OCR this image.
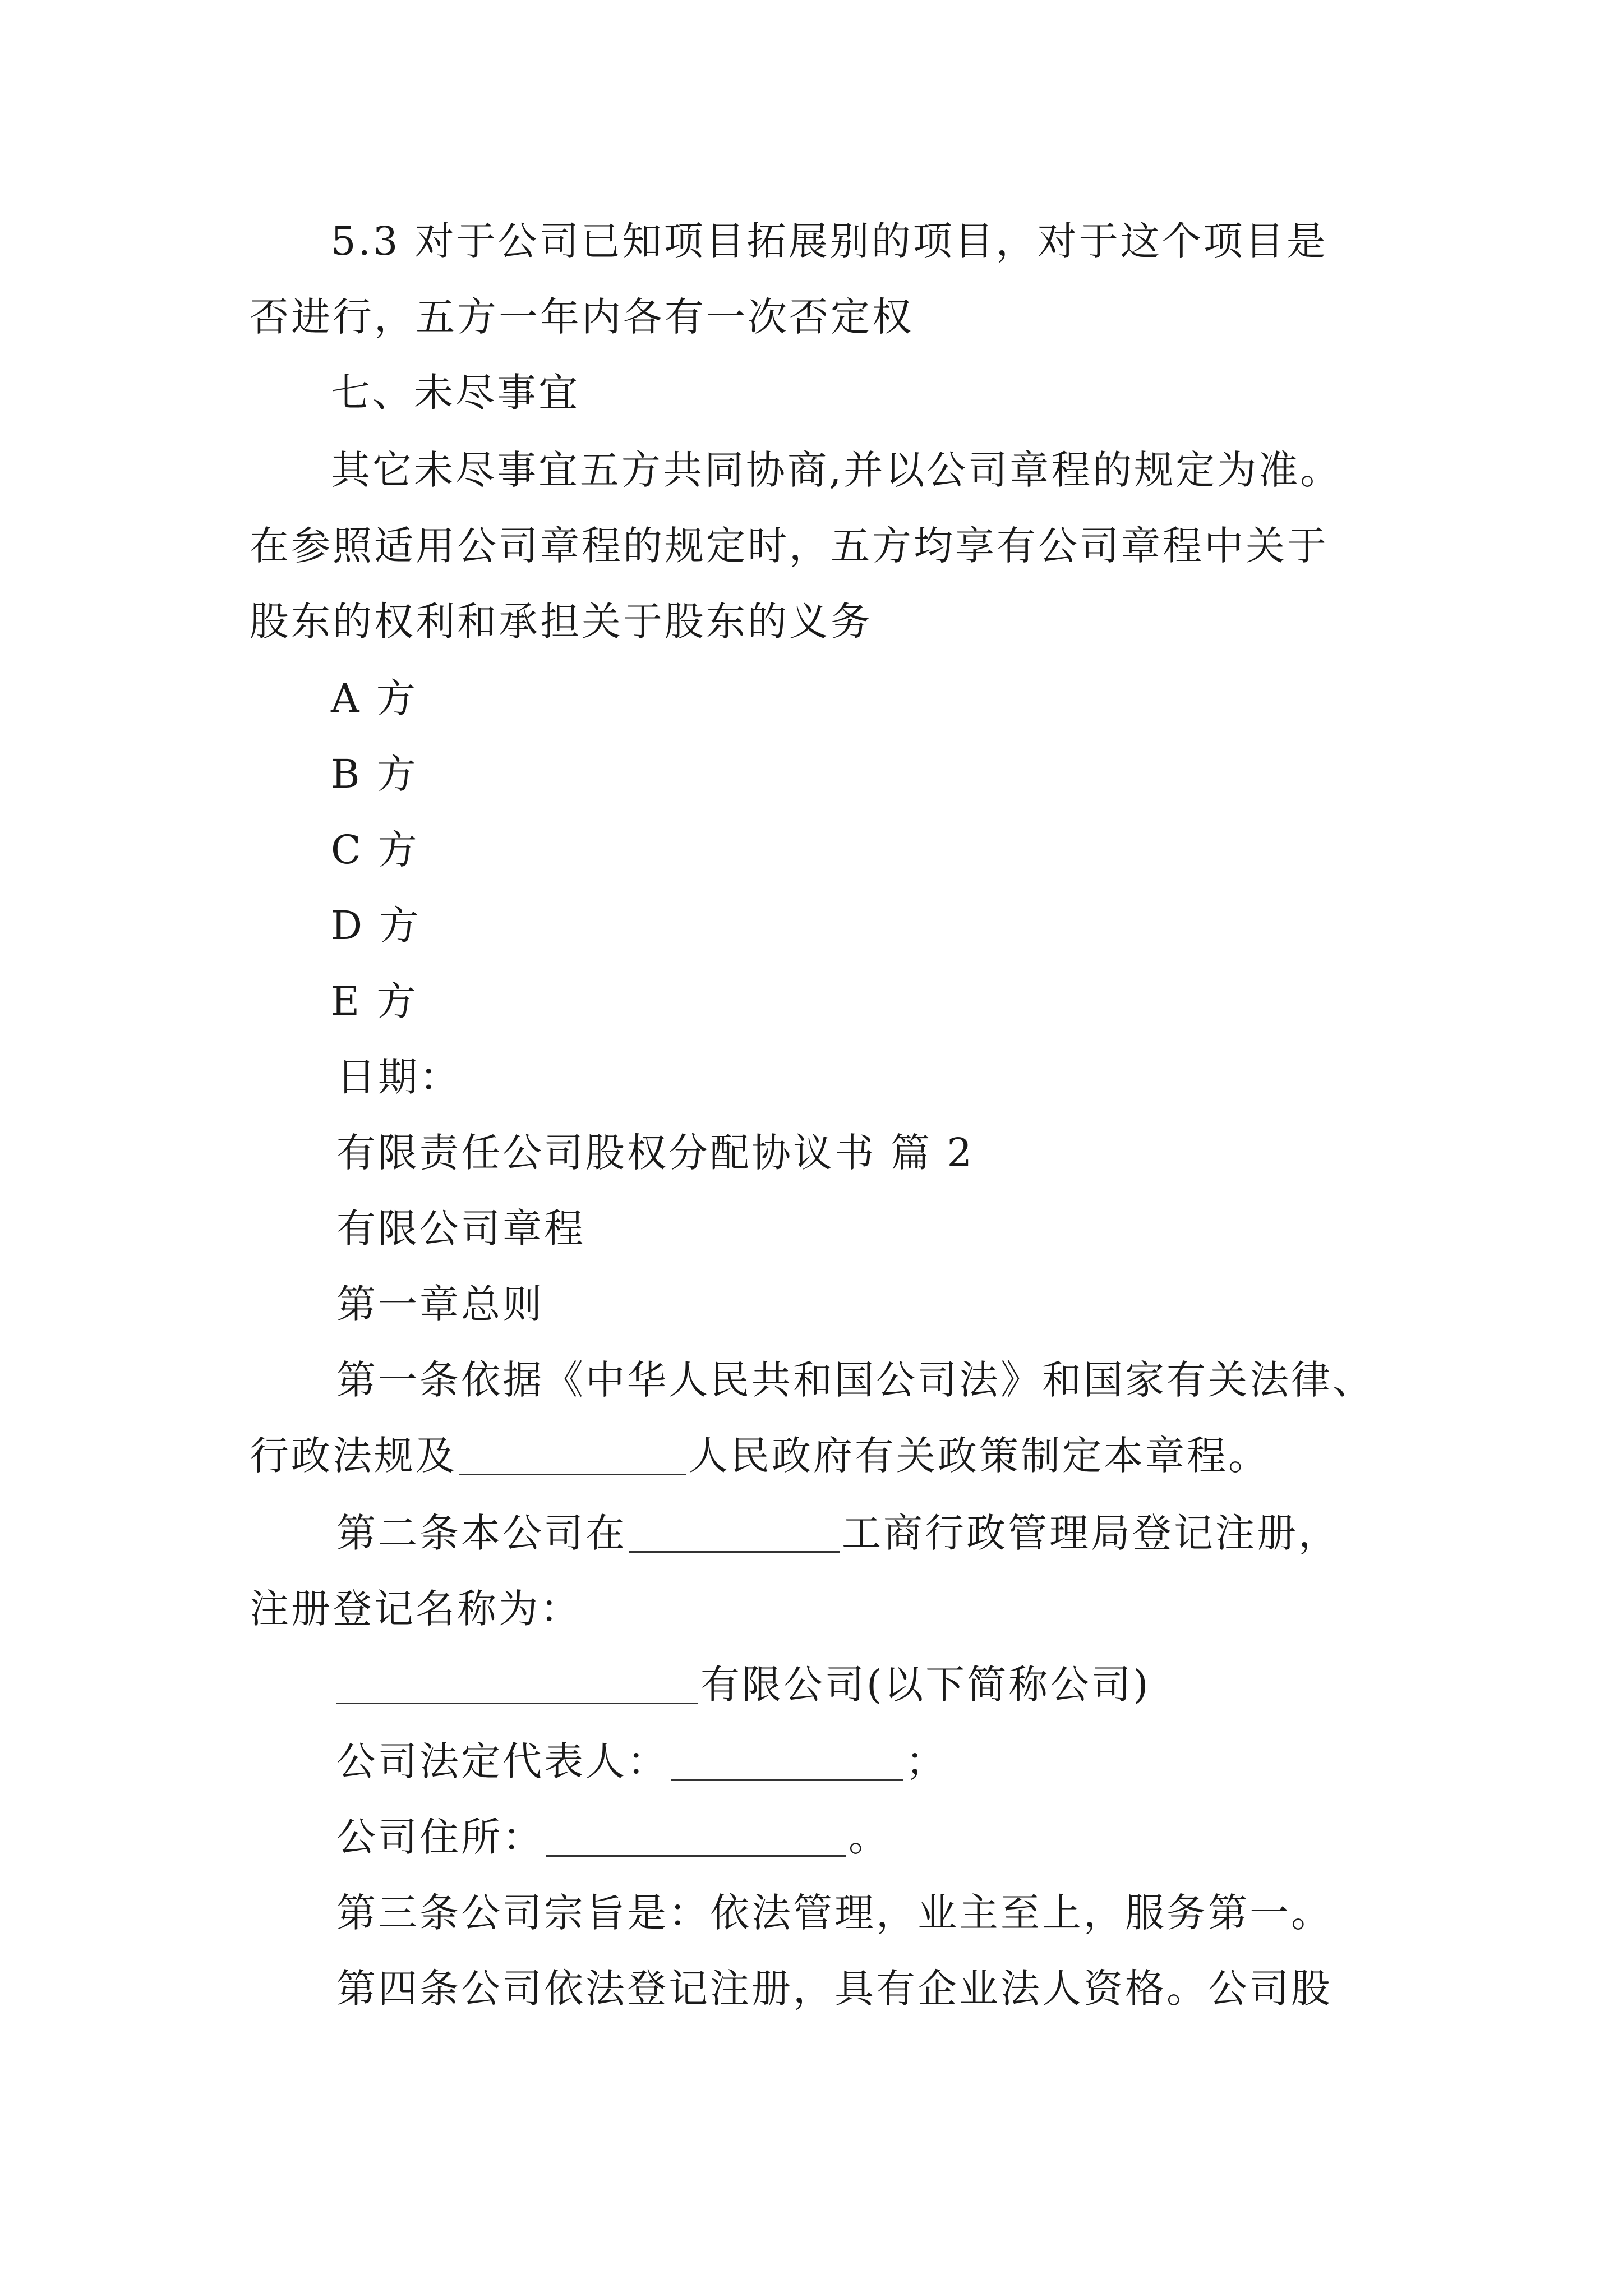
5.3 对于公司已知项目拓展别的项目，对于这个项目是
否进行，五方一年内各有一次否定权
七、未尽事宜
其它未尽事宜五方共同协商,并以公司章程的规定为准。
在参照适用公司章程的规定时，五方均享有公司章程中关于
股东的权利和承担关于股东的义务
A 方
B 方
C 方
D 方
E 方
日期：
有限责任公司股权分配协议书 篇 2
有限公司章程
第一章总则
第一条依据《中华人民共和国公司法》和国家有关法律、
行政法规及	人民政府有关政策制定本章程。
第二条本公司在	工商行政管理局登记注册，
注册登记名称为：
有限公司(以下简称公司)
公司法定代表人：	；
公司住所：	。
第三条公司宗旨是：依法管理，业主至上，服务第一。
第四条公司依法登记注册，具有企业法人资格。公司股
